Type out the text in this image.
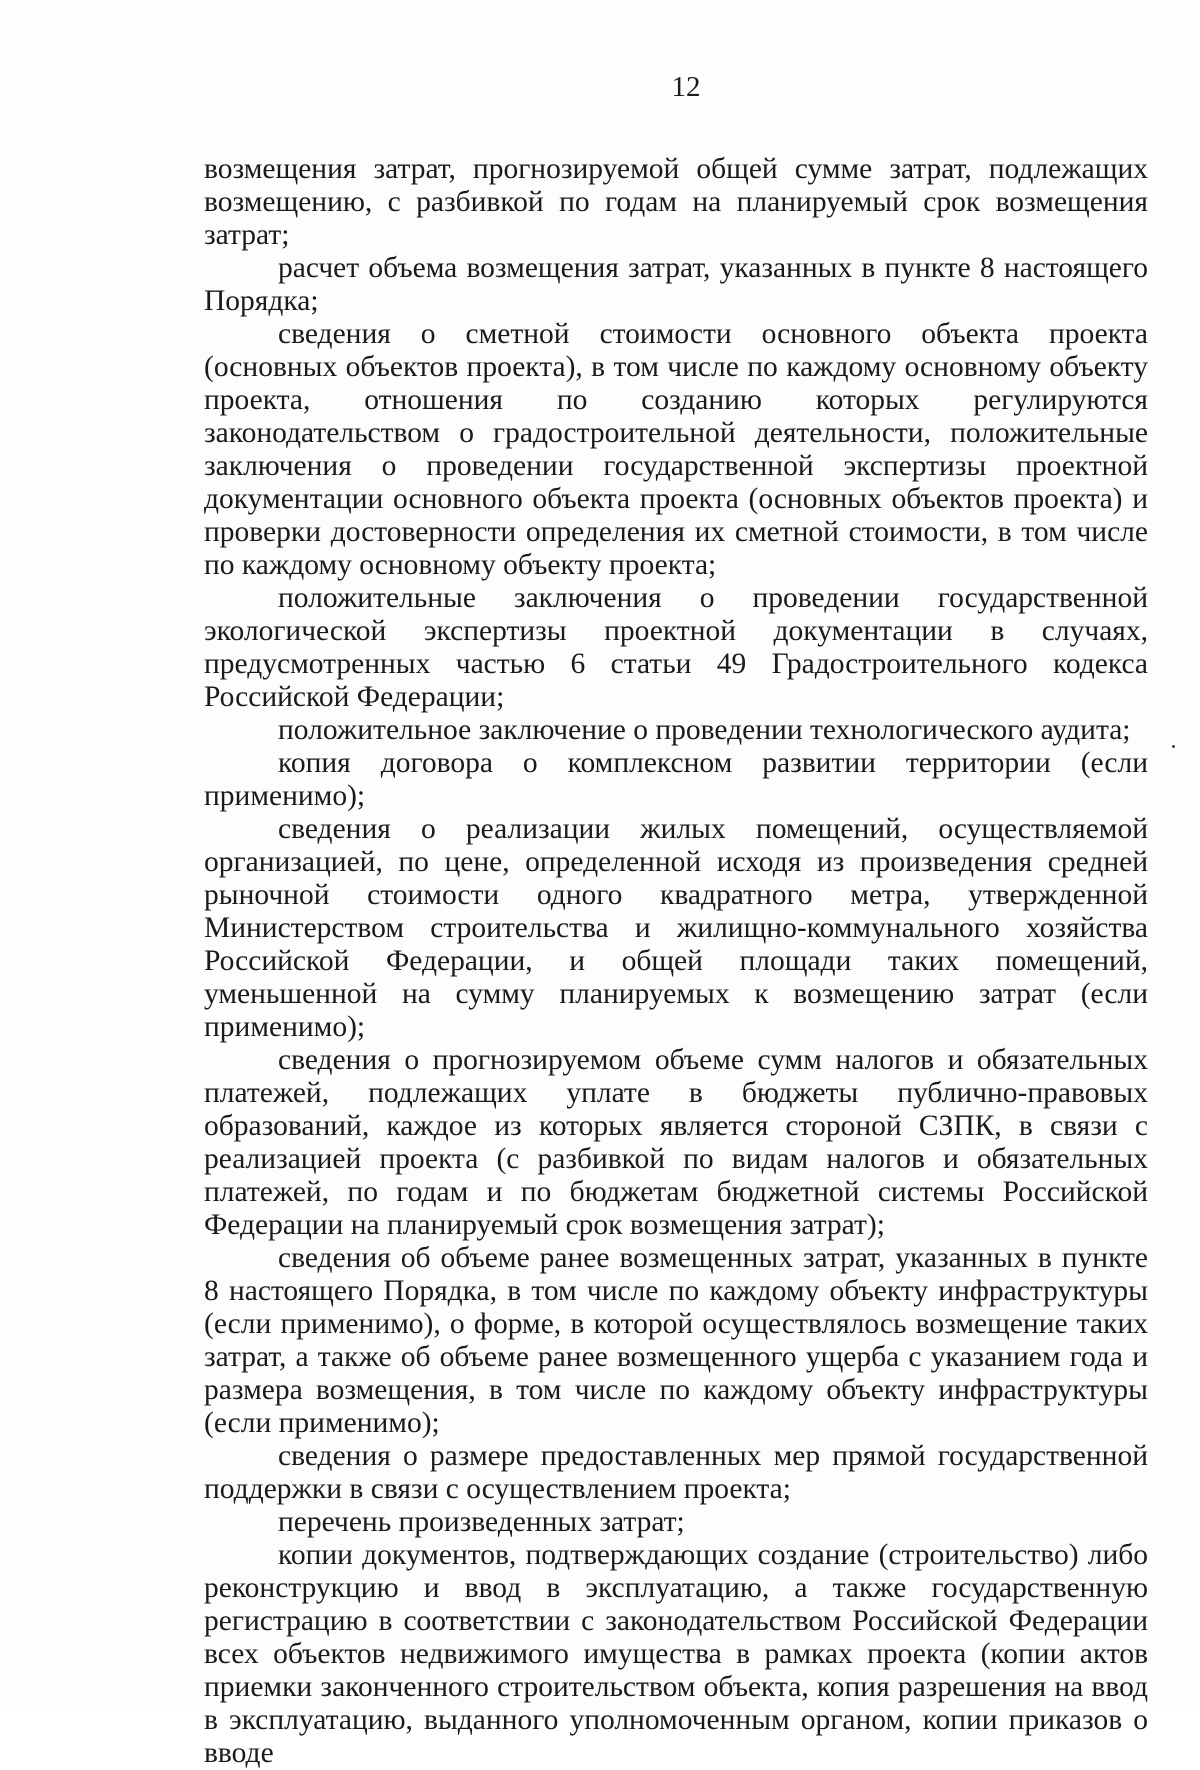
12

возмещения затрат, прогнозируемой общей сумме затрат, подлежащих возмещению, с разбивкой по годам на планируемый срок возмещения затрат;

расчет объема возмещения затрат, указанных в пункте 8 настоящего Порядка;

сведения о сметной стоимости основного объекта проекта (основных объектов проекта), в том числе по каждому основному объекту проекта, отношения по созданию которых регулируются законодательством о градостроительной деятельности, положительные заключения о проведении государственной экспертизы проектной документации основного объекта проекта (основных объектов проекта) и проверки достоверности определения их сметной стоимости, в том числе по каждому основному объекту проекта;

положительные заключения о проведении государственной экологической экспертизы проектной документации в случаях, предусмотренных частью 6 статьи 49 Градостроительного кодекса Российской Федерации;

положительное заключение о проведении технологического аудита;

копия договора о комплексном развитии территории (если применимо);

сведения о реализации жилых помещений, осуществляемой организацией, по цене, определенной исходя из произведения средней рыночной стоимости одного квадратного метра, утвержденной Министерством строительства и жилищно-коммунального хозяйства Российской Федерации, и общей площади таких помещений, уменьшенной на сумму планируемых к возмещению затрат (если применимо);

сведения о прогнозируемом объеме сумм налогов и обязательных платежей, подлежащих уплате в бюджеты публично-правовых образований, каждое из которых является стороной СЗПК, в связи с реализацией проекта (с разбивкой по видам налогов и обязательных платежей, по годам и по бюджетам бюджетной системы Российской Федерации на планируемый срок возмещения затрат);

сведения об объеме ранее возмещенных затрат, указанных в пункте 8 настоящего Порядка, в том числе по каждому объекту инфраструктуры (если применимо), о форме, в которой осуществлялось возмещение таких затрат, а также об объеме ранее возмещенного ущерба с указанием года и размера возмещения, в том числе по каждому объекту инфраструктуры (если применимо);

сведения о размере предоставленных мер прямой государственной поддержки в связи с осуществлением проекта;

перечень произведенных затрат;

копии документов, подтверждающих создание (строительство) либо реконструкцию и ввод в эксплуатацию, а также государственную регистрацию в соответствии с законодательством Российской Федерации всех объектов недвижимого имущества в рамках проекта (копии актов приемки законченного строительством объекта, копия разрешения на ввод в эксплуатацию, выданного уполномоченным органом, копии приказов о вводе
